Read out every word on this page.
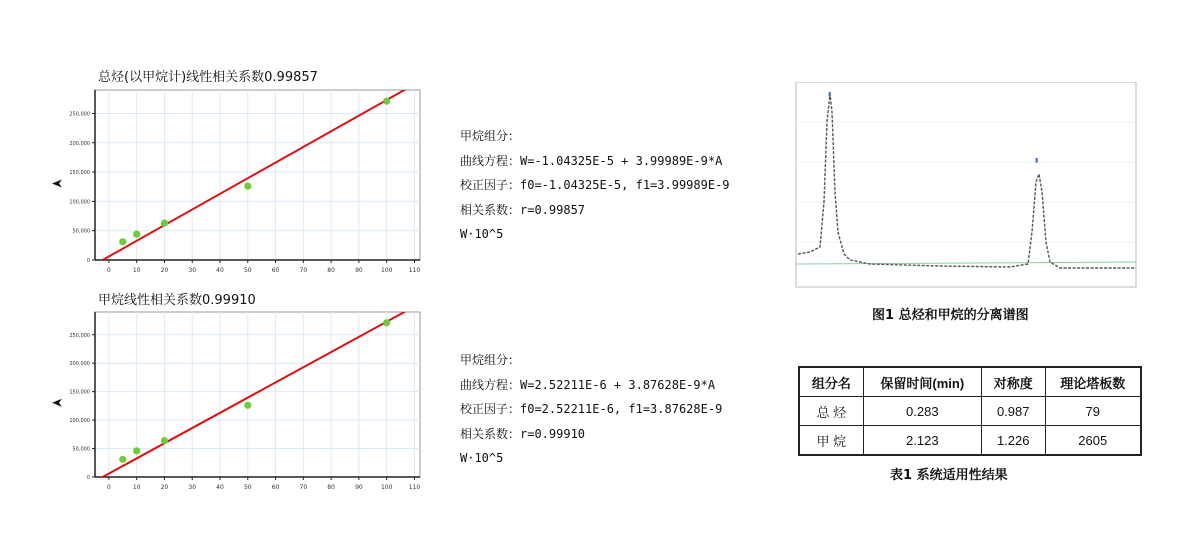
总烃(以甲烷计)线性相关系数0.99857
0	10	20	30	40	50	60	70	80	90	100	110
0
50,000
100,000
150,000
200,000
250,000
甲烷组分：
曲线方程：W=-1.04325E-5 + 3.99989E-9*A
校正因子：f0=-1.04325E-5, f1=3.99989E-9
相关系数：r=0.99857
W·10^5
甲烷线性相关系数0.99910
0	10	20	30	40	50	60	70	80	90	100	110
0
50,000
100,000
150,000
200,000
250,000
甲烷组分：
曲线方程：W=2.52211E-6 + 3.87628E-9*A
校正因子：f0=2.52211E-6, f1=3.87628E-9
相关系数：r=0.99910
W·10^5
▮
▮
图1 总烃和甲烷的分离谱图
组分名	保留时间(min)	对称度	理论塔板数
总 烃	0.283	0.987	79
甲 烷	2.123	1.226	2605
表1 系统适用性结果
